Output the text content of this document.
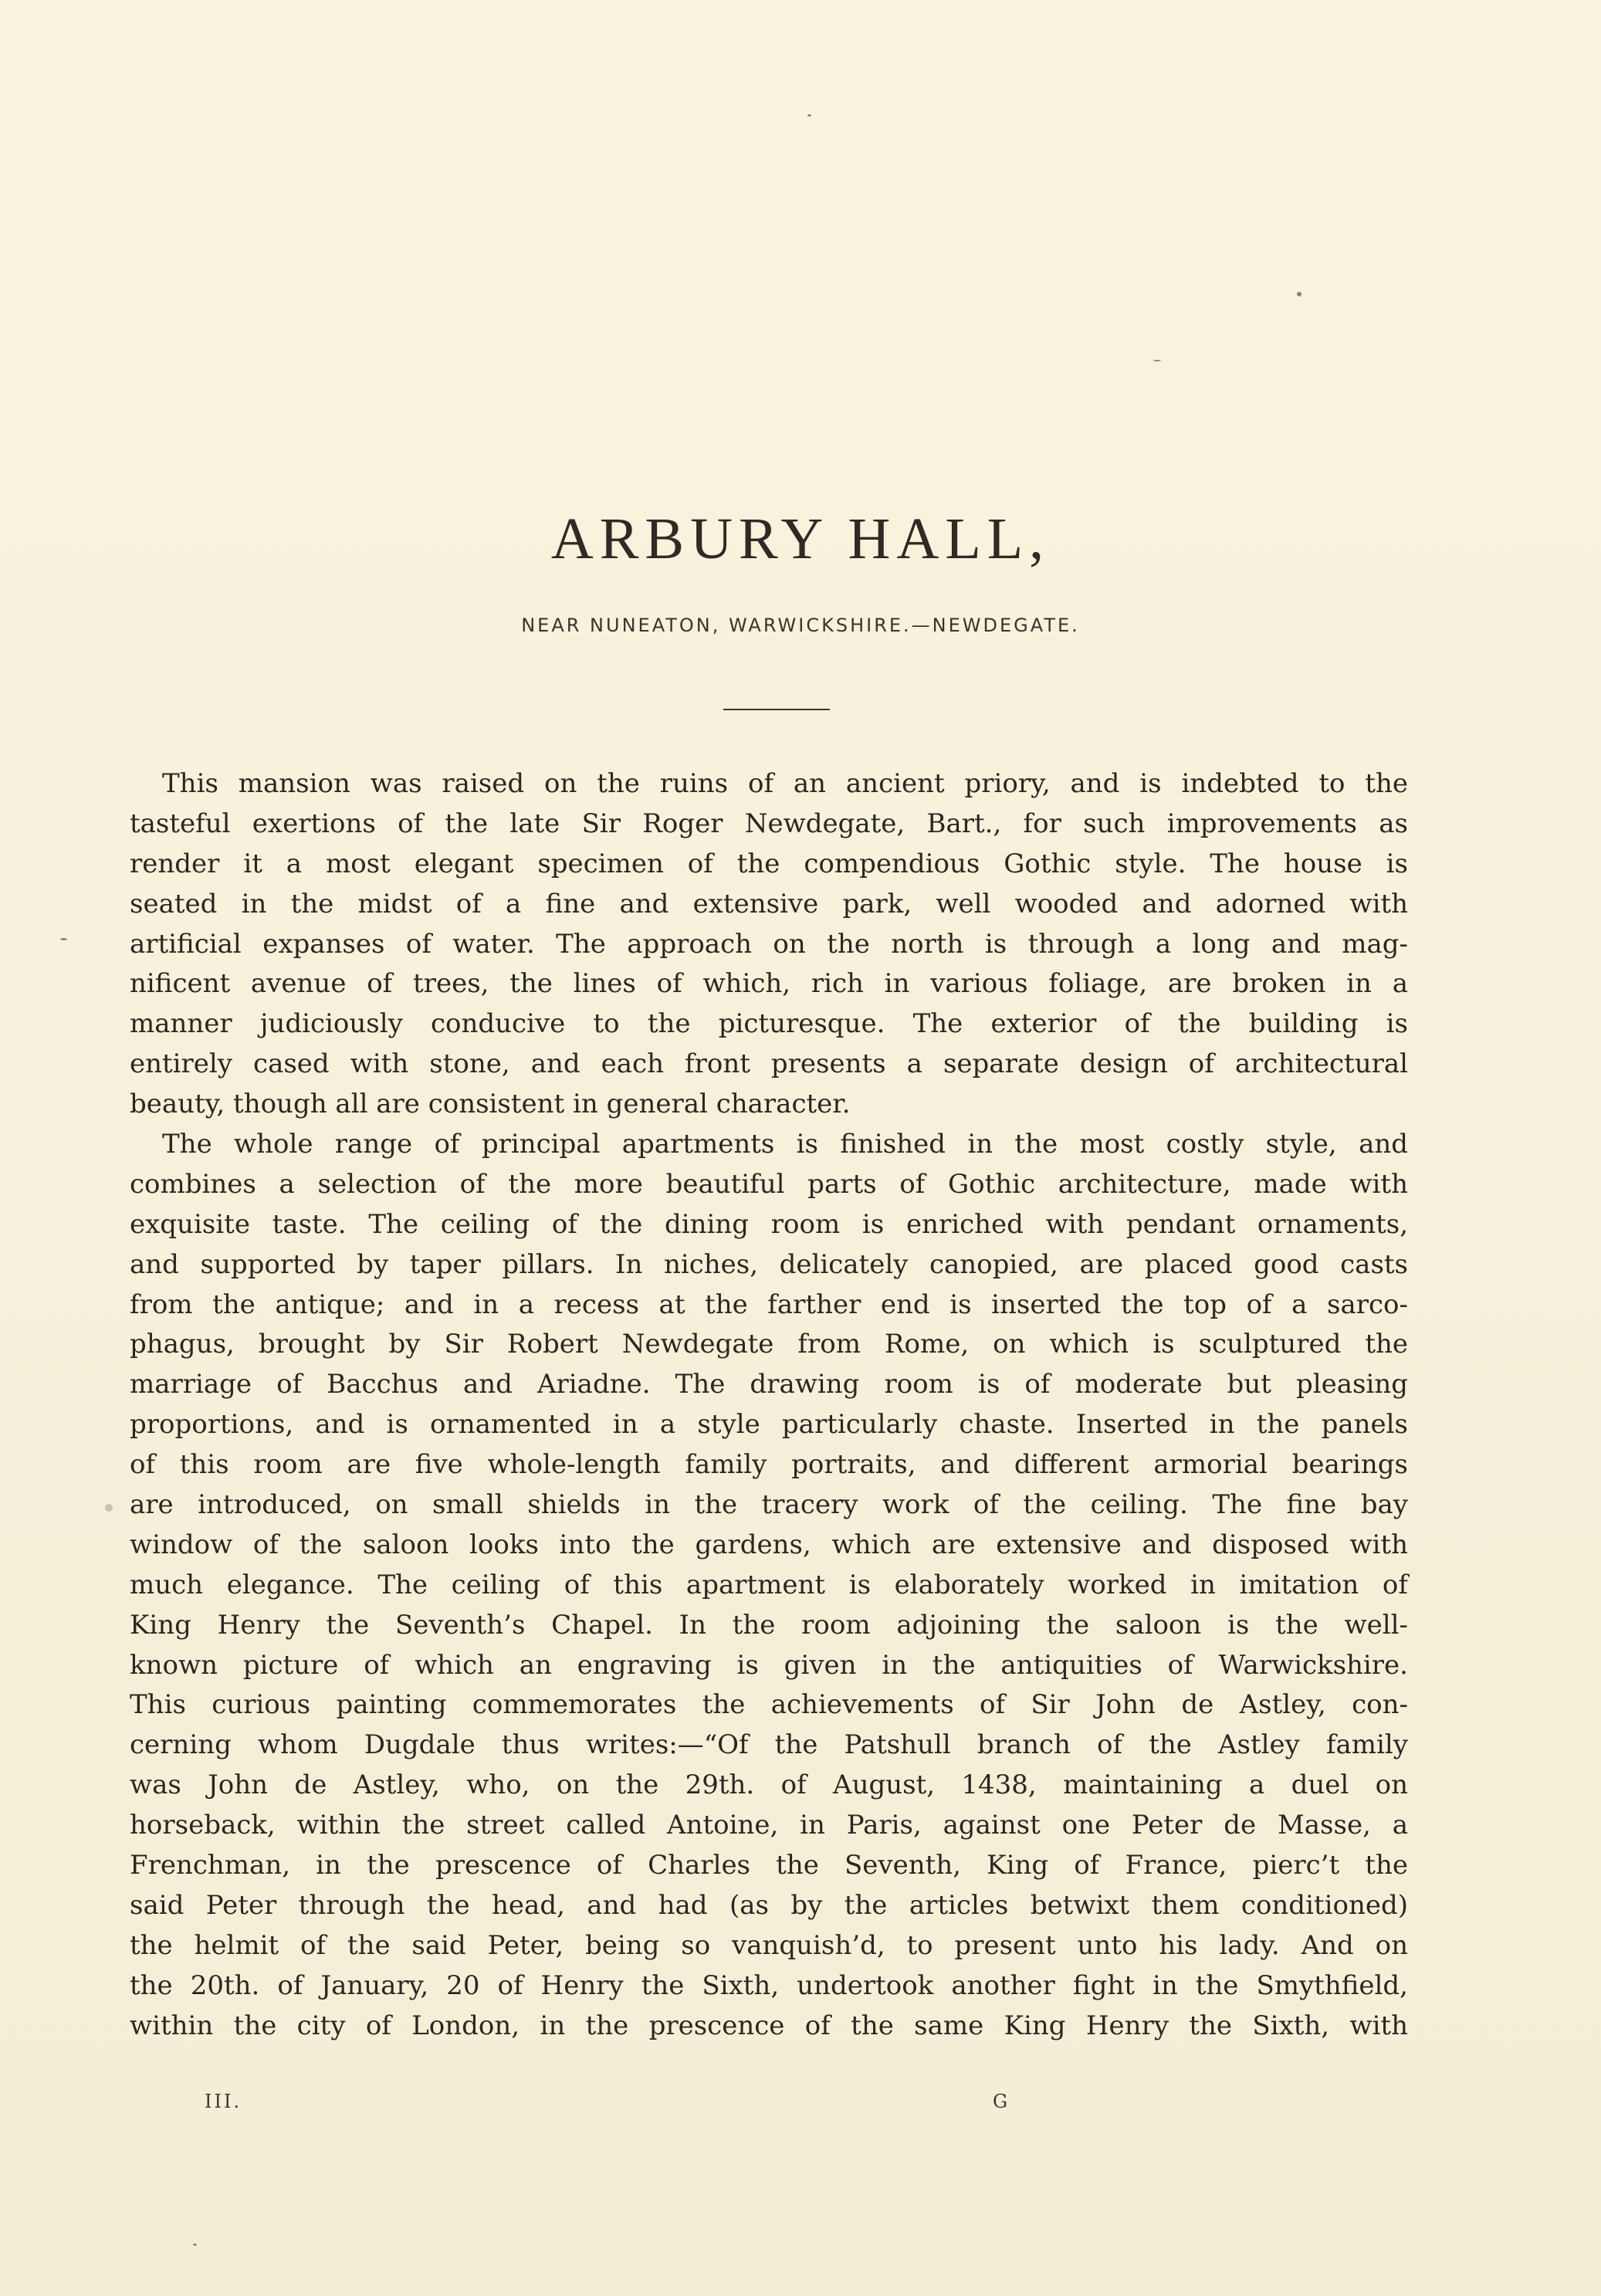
ARBURY HALL,
NEAR NUNEATON, WARWICKSHIRE.—NEWDEGATE.
This mansion was raised on the ruins of an ancient priory, and is indebted to the
tasteful exertions of the late Sir Roger Newdegate, Bart., for such improvements as
render it a most elegant specimen of the compendious Gothic style. The house is
seated in the midst of a fine and extensive park, well wooded and adorned with
artificial expanses of water. The approach on the north is through a long and mag-
nificent avenue of trees, the lines of which, rich in various foliage, are broken in a
manner judiciously conducive to the picturesque. The exterior of the building is
entirely cased with stone, and each front presents a separate design of architectural
beauty, though all are consistent in general character.
The whole range of principal apartments is finished in the most costly style, and
combines a selection of the more beautiful parts of Gothic architecture, made with
exquisite taste. The ceiling of the dining room is enriched with pendant ornaments,
and supported by taper pillars. In niches, delicately canopied, are placed good casts
from the antique; and in a recess at the farther end is inserted the top of a sarco-
phagus, brought by Sir Robert Newdegate from Rome, on which is sculptured the
marriage of Bacchus and Ariadne. The drawing room is of moderate but pleasing
proportions, and is ornamented in a style particularly chaste. Inserted in the panels
of this room are five whole-length family portraits, and different armorial bearings
are introduced, on small shields in the tracery work of the ceiling. The fine bay
window of the saloon looks into the gardens, which are extensive and disposed with
much elegance. The ceiling of this apartment is elaborately worked in imitation of
King Henry the Seventh’s Chapel. In the room adjoining the saloon is the well-
known picture of which an engraving is given in the antiquities of Warwickshire.
This curious painting commemorates the achievements of Sir John de Astley, con-
cerning whom Dugdale thus writes:—“Of the Patshull branch of the Astley family
was John de Astley, who, on the 29th. of August, 1438, maintaining a duel on
horseback, within the street called Antoine, in Paris, against one Peter de Masse, a
Frenchman, in the prescence of Charles the Seventh, King of France, pierc’t the
said Peter through the head, and had (as by the articles betwixt them conditioned)
the helmit of the said Peter, being so vanquish’d, to present unto his lady. And on
the 20th. of January, 20 of Henry the Sixth, undertook another fight in the Smythfield,
within the city of London, in the prescence of the same King Henry the Sixth, with
III.	G
